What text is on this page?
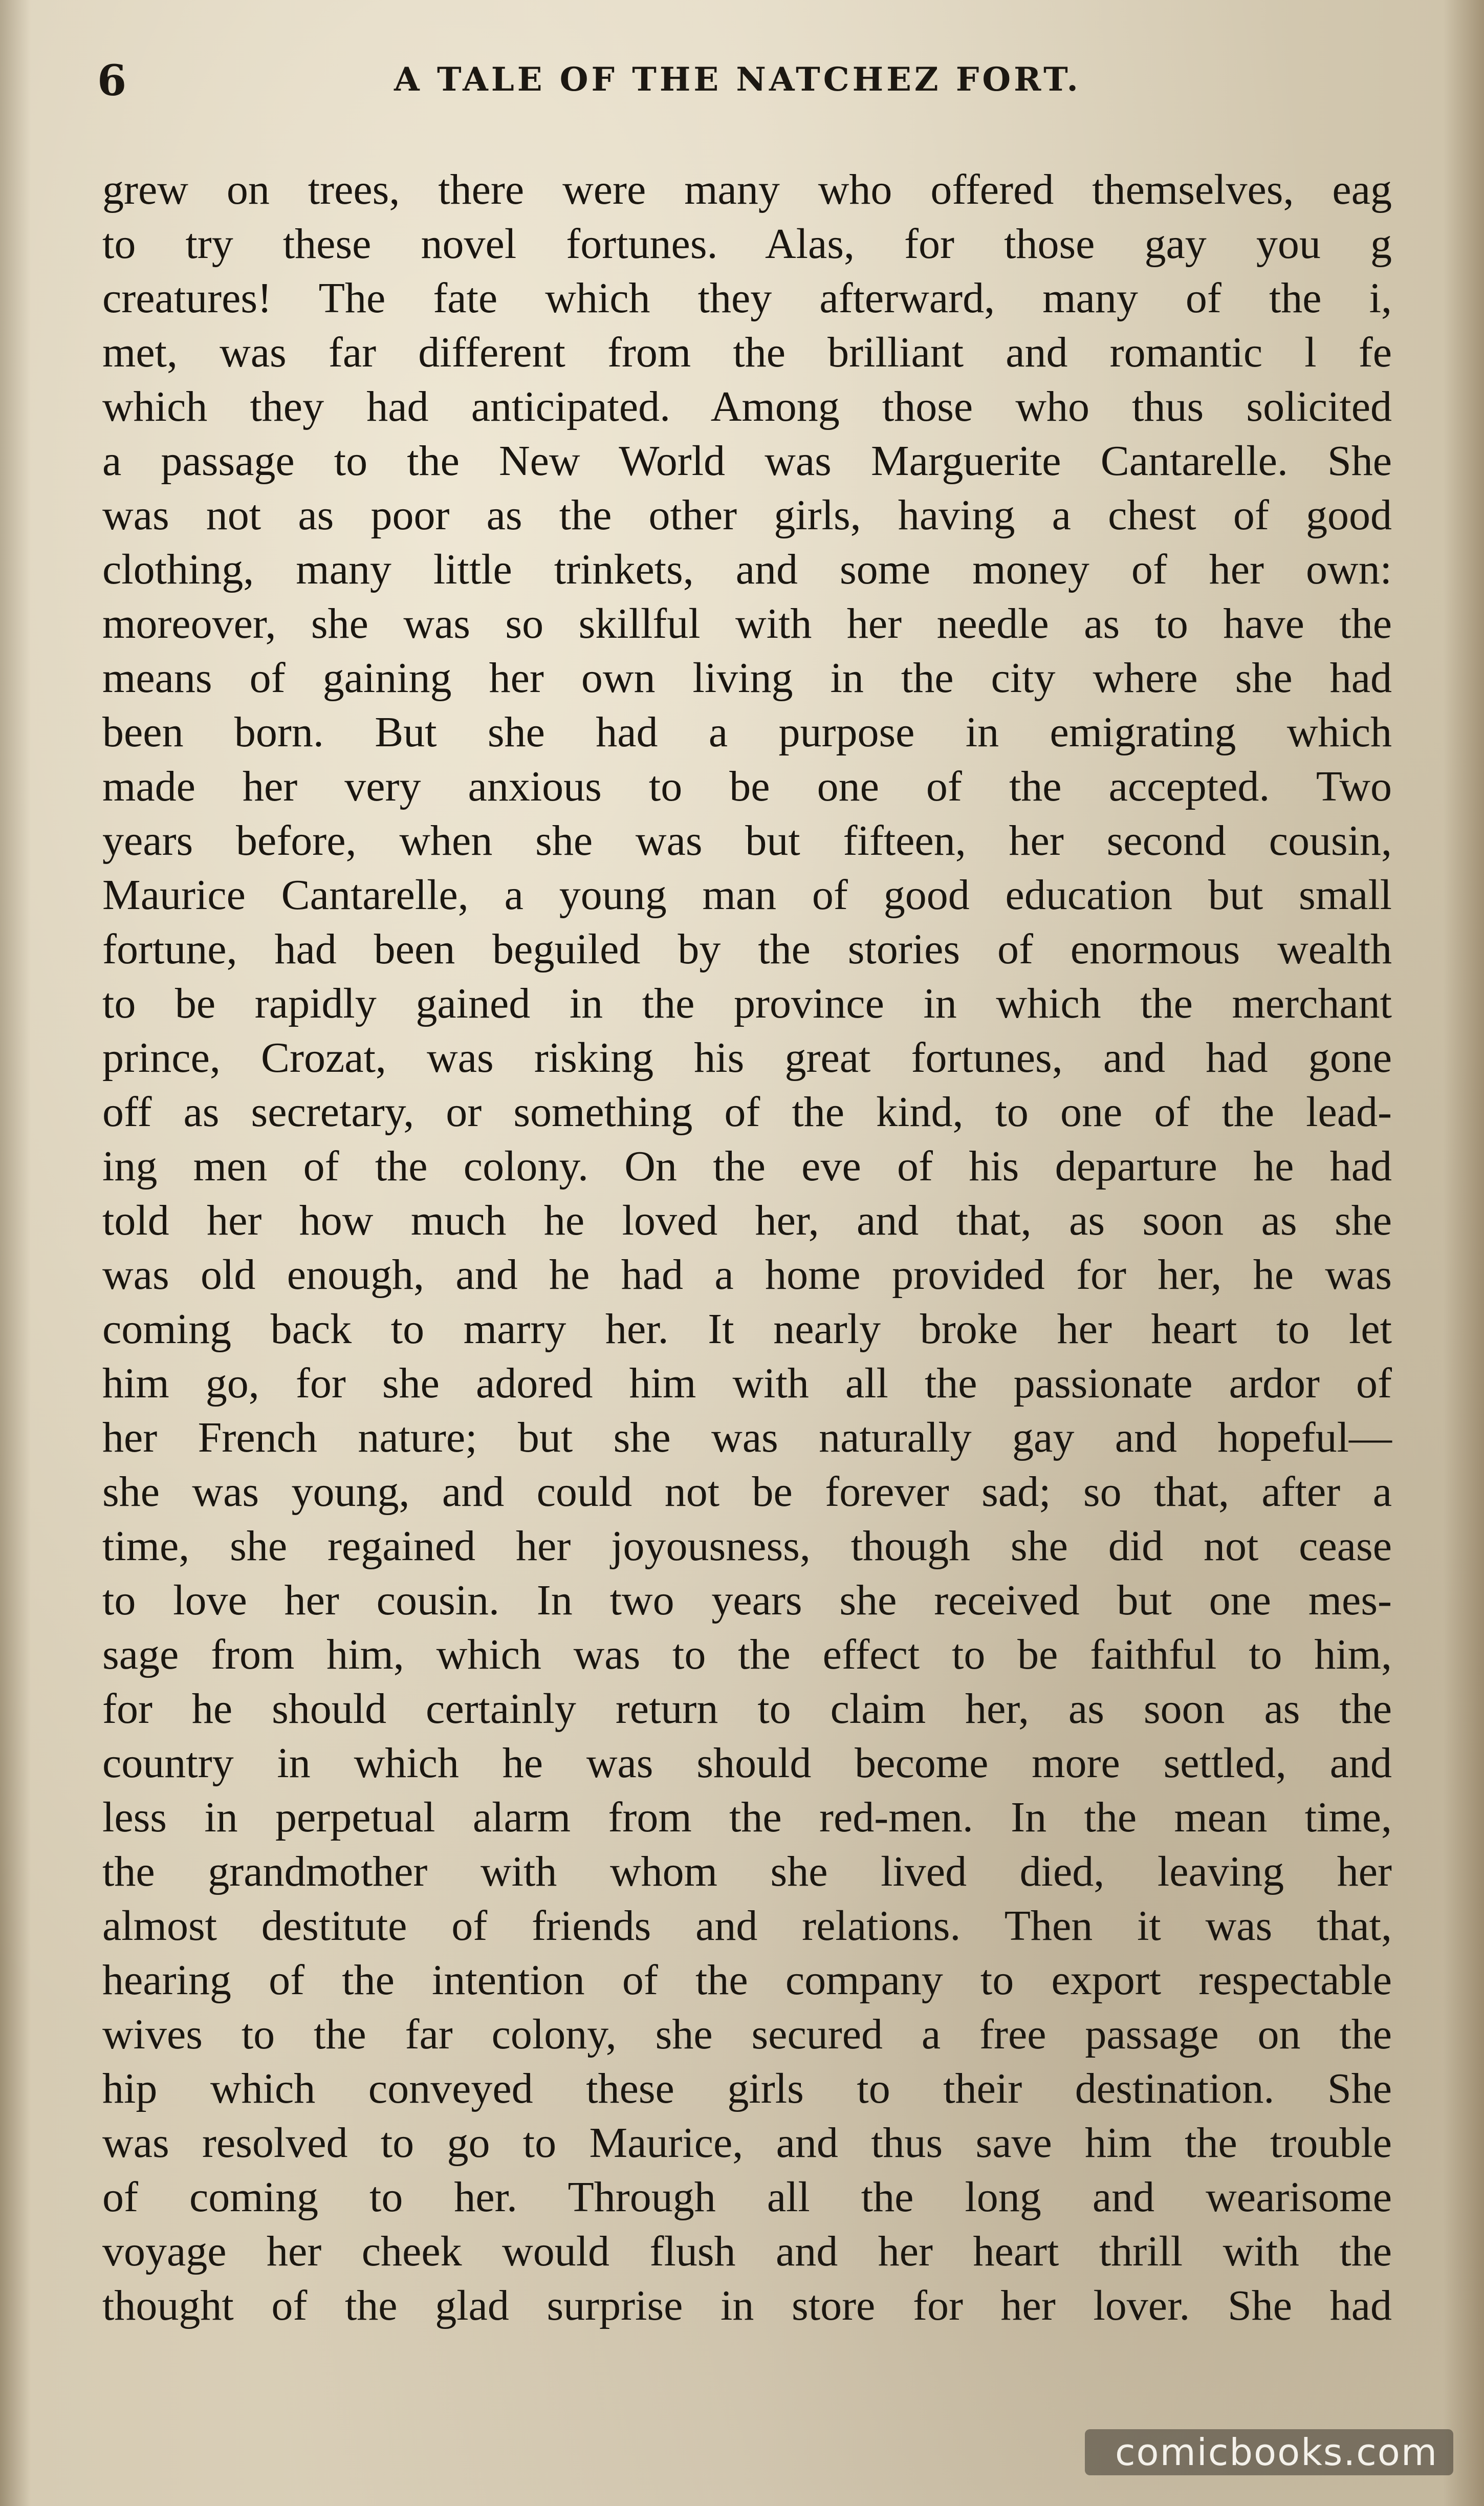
6	A TALE OF THE NATCHEZ FORT.
grew on trees, there were many who offered themselves, eag
to try these novel fortunes. Alas, for those gay you g
creatures! The fate which they afterward, many of the i,
met, was far different from the brilliant and romantic l fe
which they had anticipated. Among those who thus solicited
a passage to the New World was Marguerite Cantarelle. She
was not as poor as the other girls, having a chest of good
clothing, many little trinkets, and some money of her own:
moreover, she was so skillful with her needle as to have the
means of gaining her own living in the city where she had
been born. But she had a purpose in emigrating which
made her very anxious to be one of the accepted. Two
years before, when she was but fifteen, her second cousin,
Maurice Cantarelle, a young man of good education but small
fortune, had been beguiled by the stories of enormous wealth
to be rapidly gained in the province in which the merchant
prince, Crozat, was risking his great fortunes, and had gone
off as secretary, or something of the kind, to one of the lead-
ing men of the colony. On the eve of his departure he had
told her how much he loved her, and that, as soon as she
was old enough, and he had a home provided for her, he was
coming back to marry her. It nearly broke her heart to let
him go, for she adored him with all the passionate ardor of
her French nature; but she was naturally gay and hopeful—
she was young, and could not be forever sad; so that, after a
time, she regained her joyousness, though she did not cease
to love her cousin. In two years she received but one mes-
sage from him, which was to the effect to be faithful to him,
for he should certainly return to claim her, as soon as the
country in which he was should become more settled, and
less in perpetual alarm from the red-men. In the mean time,
the grandmother with whom she lived died, leaving her
almost destitute of friends and relations. Then it was that,
hearing of the intention of the company to export respectable
wives to the far colony, she secured a free passage on the
hip which conveyed these girls to their destination. She
was resolved to go to Maurice, and thus save him the trouble
of coming to her. Through all the long and wearisome
voyage her cheek would flush and her heart thrill with the
thought of the glad surprise in store for her lover. She had
comicbooks.com
